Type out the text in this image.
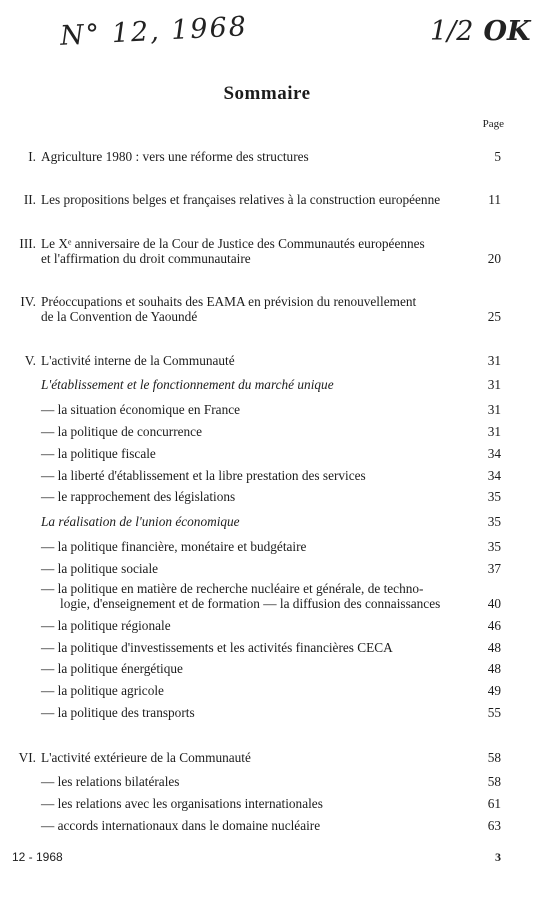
N° 12, 1968	1/2 OK
Sommaire
Page
I. Agriculture 1980 : vers une réforme des structures	5
II. Les propositions belges et françaises relatives à la construction européenne	11
III. Le Xᵉ anniversaire de la Cour de Justice des Communautés européennes
et l'affirmation du droit communautaire	20
IV. Préoccupations et souhaits des EAMA en prévision du renouvellement
de la Convention de Yaoundé	25
V. L'activité interne de la Communauté	31
L'établissement et le fonctionnement du marché unique	31
— la situation économique en France	31
— la politique de concurrence	31
— la politique fiscale	34
— la liberté d'établissement et la libre prestation des services	34
— le rapprochement des législations	35
La réalisation de l'union économique	35
— la politique financière, monétaire et budgétaire	35
— la politique sociale	37
— la politique en matière de recherche nucléaire et générale, de techno-
logie, d'enseignement et de formation — la diffusion des connaissances	40
— la politique régionale	46
— la politique d'investissements et les activités financières CECA	48
— la politique énergétique	48
— la politique agricole	49
— la politique des transports	55
VI. L'activité extérieure de la Communauté	58
— les relations bilatérales	58
— les relations avec les organisations internationales	61
— accords internationaux dans le domaine nucléaire	63
12 - 1968	3
